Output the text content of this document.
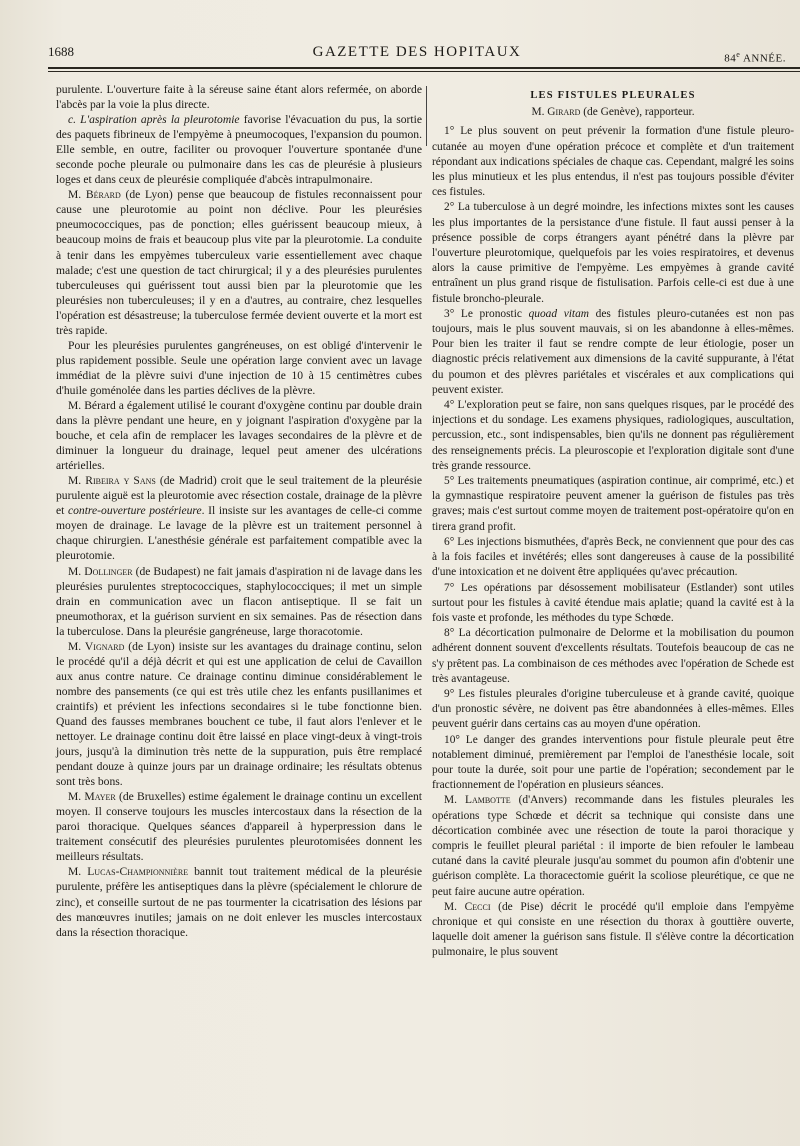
1688	GAZETTE DES HOPITAUX	84e ANNÉE.

purulente. L'ouverture faite à la séreuse saine étant alors refermée, on aborde l'abcès par la voie la plus directe.

c. L'aspiration après la pleurotomie favorise l'évacuation du pus, la sortie des paquets fibrineux de l'empyème à pneumocoques, l'expansion du poumon. Elle semble, en outre, faciliter ou provoquer l'ouverture spontanée d'une seconde poche pleurale ou pulmonaire dans les cas de pleurésie à plusieurs loges et dans ceux de pleurésie compliquée d'abcès intrapulmonaire.

M. Bérard (de Lyon) pense que beaucoup de fistules reconnaissent pour cause une pleurotomie au point non déclive. Pour les pleurésies pneumococciques, pas de ponction; elles guérissent beaucoup mieux, à beaucoup moins de frais et beaucoup plus vite par la pleurotomie. La conduite à tenir dans les empyèmes tuberculeux varie essentiellement avec chaque malade; c'est une question de tact chirurgical; il y a des pleurésies purulentes tuberculeuses qui guérissent tout aussi bien par la pleurotomie que les pleurésies non tuberculeuses; il y en a d'autres, au contraire, chez lesquelles l'opération est désastreuse; la tuberculose fermée devient ouverte et la mort est très rapide.

Pour les pleurésies purulentes gangréneuses, on est obligé d'intervenir le plus rapidement possible. Seule une opération large convient avec un lavage immédiat de la plèvre suivi d'une injection de 10 à 15 centimètres cubes d'huile goménolée dans les parties déclives de la plèvre.

M. Bérard a également utilisé le courant d'oxygène continu par double drain dans la plèvre pendant une heure, en y joignant l'aspiration d'oxygène par la bouche, et cela afin de remplacer les lavages secondaires de la plèvre et de diminuer la longueur du drainage, lequel peut amener des ulcérations artérielles.

M. Ribeira y Sans (de Madrid) croit que le seul traitement de la pleurésie purulente aiguë est la pleurotomie avec résection costale, drainage de la plèvre et contre-ouverture postérieure. Il insiste sur les avantages de celle-ci comme moyen de drainage. Le lavage de la plèvre est un traitement personnel à chaque chirurgien. L'anesthésie générale est parfaitement compatible avec la pleurotomie.

M. Dollinger (de Budapest) ne fait jamais d'aspiration ni de lavage dans les pleurésies purulentes streptococciques, staphylococciques; il met un simple drain en communication avec un flacon antiseptique. Il se fait un pneumothorax, et la guérison survient en six semaines. Pas de résection dans la tuberculose. Dans la pleurésie gangréneuse, large thoracotomie.

M. Vignard (de Lyon) insiste sur les avantages du drainage continu, selon le procédé qu'il a déjà décrit et qui est une application de celui de Cavaillon aux anus contre nature. Ce drainage continu diminue considérablement le nombre des pansements (ce qui est très utile chez les enfants pusillanimes et craintifs) et prévient les infections secondaires si le tube fonctionne bien. Quand des fausses membranes bouchent ce tube, il faut alors l'enlever et le nettoyer. Le drainage continu doit être laissé en place vingt-deux à vingt-trois jours, jusqu'à la diminution très nette de la suppuration, puis être remplacé pendant douze à quinze jours par un drainage ordinaire; les résultats obtenus sont très bons.

M. Mayer (de Bruxelles) estime également le drainage continu un excellent moyen. Il conserve toujours les muscles intercostaux dans la résection de la paroi thoracique. Quelques séances d'appareil à hyperpression dans le traitement consécutif des pleurésies purulentes pleurotomisées donnent les meilleurs résultats.

M. Lucas-Championnière bannit tout traitement médical de la pleurésie purulente, préfère les antiseptiques dans la plèvre (spécialement le chlorure de zinc), et conseille surtout de ne pas tourmenter la cicatrisation des lésions par des manœuvres inutiles; jamais on ne doit enlever les muscles intercostaux dans la résection thoracique.

LES FISTULES PLEURALES
M. Girard (de Genève), rapporteur.

1° Le plus souvent on peut prévenir la formation d'une fistule pleuro-cutanée au moyen d'une opération précoce et complète et d'un traitement répondant aux indications spéciales de chaque cas. Cependant, malgré les soins les plus minutieux et les plus entendus, il n'est pas toujours possible d'éviter ces fistules.

2° La tuberculose à un degré moindre, les infections mixtes sont les causes les plus importantes de la persistance d'une fistule. Il faut aussi penser à la présence possible de corps étrangers ayant pénétré dans la plèvre par l'ouverture pleurotomique, quelquefois par les voies respiratoires, et devenus alors la cause primitive de l'empyème. Les empyèmes à grande cavité entraînent un plus grand risque de fistulisation. Parfois celle-ci est due à une fistule broncho-pleurale.

3° Le pronostic quoad vitam des fistules pleuro-cutanées est non pas toujours, mais le plus souvent mauvais, si on les abandonne à elles-mêmes. Pour bien les traiter il faut se rendre compte de leur étiologie, poser un diagnostic précis relativement aux dimensions de la cavité suppurante, à l'état du poumon et des plèvres pariétales et viscérales et aux complications qui peuvent exister.

4° L'exploration peut se faire, non sans quelques risques, par le procédé des injections et du sondage. Les examens physiques, radiologiques, auscultation, percussion, etc., sont indispensables, bien qu'ils ne donnent pas régulièrement des renseignements précis. La pleuroscopie et l'exploration digitale sont d'une très grande ressource.

5° Les traitements pneumatiques (aspiration continue, air comprimé, etc.) et la gymnastique respiratoire peuvent amener la guérison de fistules pas très graves; mais c'est surtout comme moyen de traitement post-opératoire qu'on en tirera grand profit.

6° Les injections bismuthées, d'après Beck, ne conviennent que pour des cas à la fois faciles et invétérés; elles sont dangereuses à cause de la possibilité d'une intoxication et ne doivent être appliquées qu'avec précaution.

7° Les opérations par désossement mobilisateur (Estlander) sont utiles surtout pour les fistules à cavité étendue mais aplatie; quand la cavité est à la fois vaste et profonde, les méthodes du type Schœde.

8° La décortication pulmonaire de Delorme et la mobilisation du poumon adhérent donnent souvent d'excellents résultats. Toutefois beaucoup de cas ne s'y prêtent pas. La combinaison de ces méthodes avec l'opération de Schede est très avantageuse.

9° Les fistules pleurales d'origine tuberculeuse et à grande cavité, quoique d'un pronostic sévère, ne doivent pas être abandonnées à elles-mêmes. Elles peuvent guérir dans certains cas au moyen d'une opération.

10° Le danger des grandes interventions pour fistule pleurale peut être notablement diminué, premièrement par l'emploi de l'anesthésie locale, soit pour toute la durée, soit pour une partie de l'opération; secondement par le fractionnement de l'opération en plusieurs séances.

M. Lambotte (d'Anvers) recommande dans les fistules pleurales les opérations type Schœde et décrit sa technique qui consiste dans une décortication combinée avec une résection de toute la paroi thoracique y compris le feuillet pleural pariétal : il importe de bien refouler le lambeau cutané dans la cavité pleurale jusqu'au sommet du poumon afin d'obtenir une guérison complète. La thoracectomie guérit la scoliose pleurétique, ce que ne peut faire aucune autre opération.

M. Cecci (de Pise) décrit le procédé qu'il emploie dans l'empyème chronique et qui consiste en une résection du thorax à gouttière ouverte, laquelle doit amener la guérison sans fistule. Il s'élève contre la décortication pulmonaire, le plus souvent
